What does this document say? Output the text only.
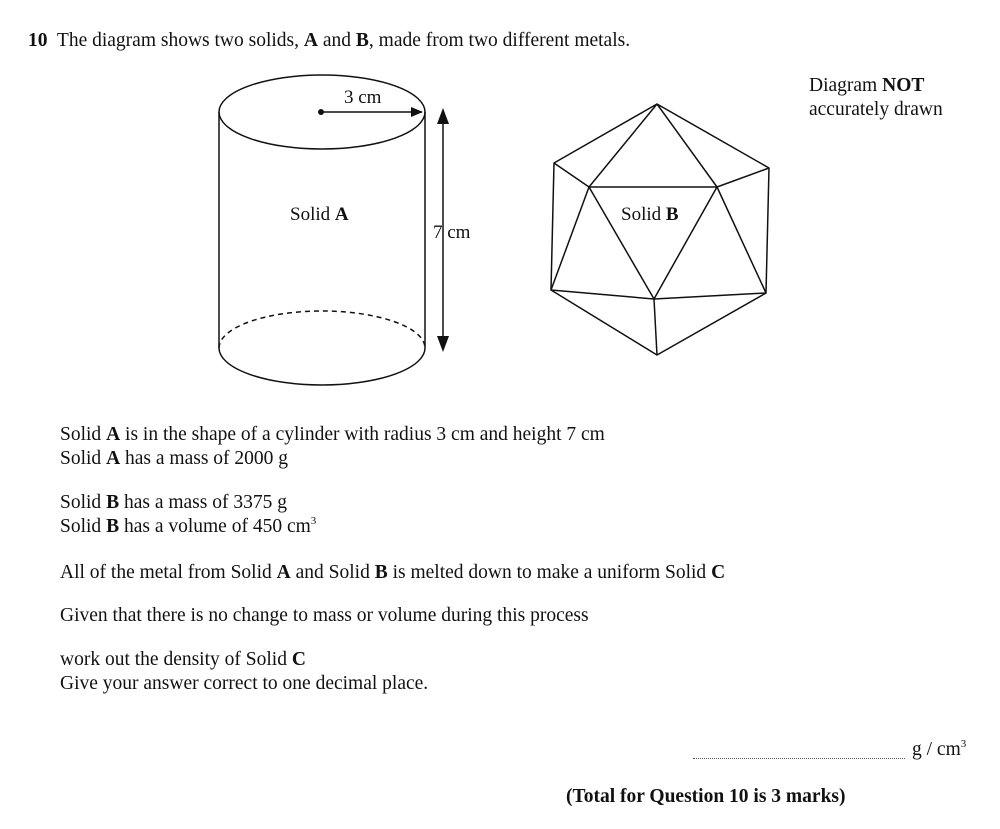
10 The diagram shows two solids, A and B, made from two different metals.
Diagram NOT
accurately drawn
3 cm
7 cm
Solid A	Solid B
Solid A is in the shape of a cylinder with radius 3 cm and height 7 cm
Solid A has a mass of 2000 g
Solid B has a mass of 3375 g
Solid B has a volume of 450 $cm^3$
All of the metal from Solid A and Solid B is melted down to make a uniform Solid C
Given that there is no change to mass or volume during this process
work out the density of Solid C
Give your answer correct to one decimal place.
g / $cm^3$
(Total for Question 10 is 3 marks)
